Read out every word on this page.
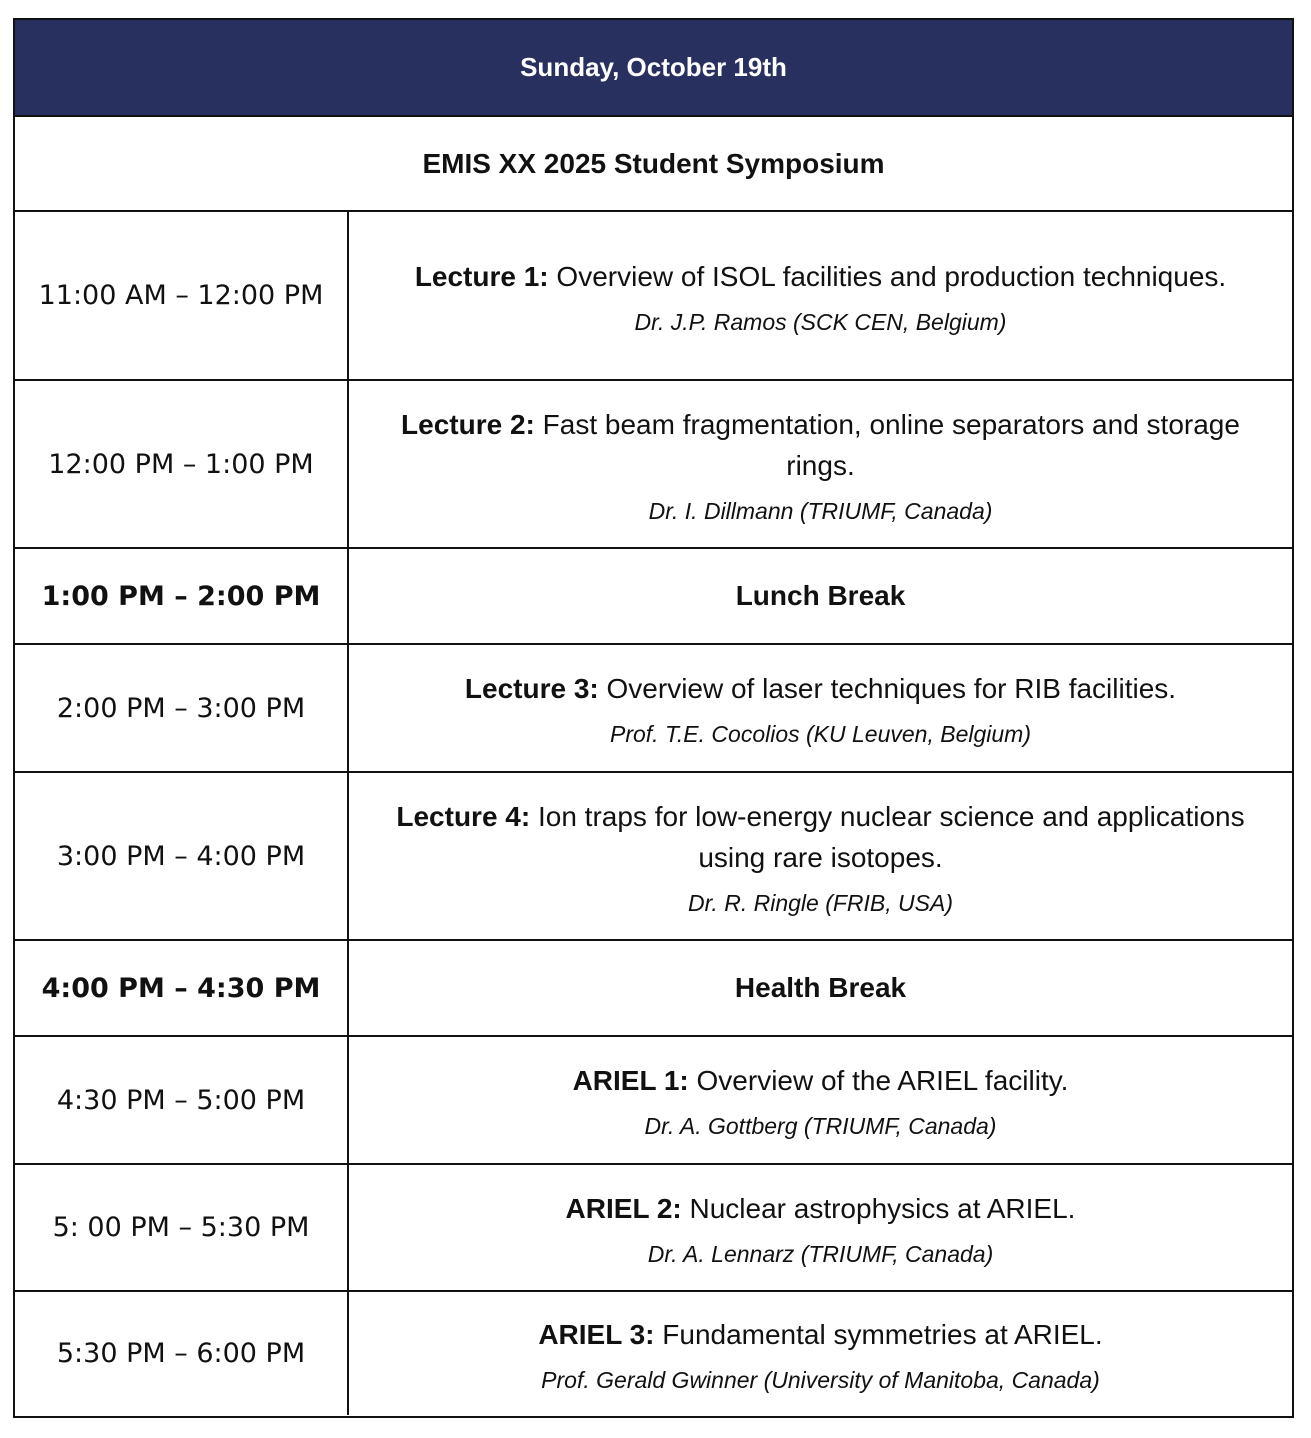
Sunday, October 19th
EMIS XX 2025 Student Symposium
11:00 AM – 12:00 PM
Lecture 1: Overview of ISOL facilities and production techniques.
Dr. J.P. Ramos (SCK CEN, Belgium)
12:00 PM – 1:00 PM
Lecture 2: Fast beam fragmentation, online separators and storage rings.
Dr. I. Dillmann (TRIUMF, Canada)
1:00 PM – 2:00 PM	Lunch Break
2:00 PM – 3:00 PM
Lecture 3: Overview of laser techniques for RIB facilities.
Prof. T.E. Cocolios (KU Leuven, Belgium)
3:00 PM – 4:00 PM
Lecture 4: Ion traps for low-energy nuclear science and applications using rare isotopes.
Dr. R. Ringle (FRIB, USA)
4:00 PM – 4:30 PM	Health Break
4:30 PM – 5:00 PM
ARIEL 1: Overview of the ARIEL facility.
Dr. A. Gottberg (TRIUMF, Canada)
5: 00 PM – 5:30 PM
ARIEL 2: Nuclear astrophysics at ARIEL.
Dr. A. Lennarz (TRIUMF, Canada)
5:30 PM – 6:00 PM
ARIEL 3: Fundamental symmetries at ARIEL.
Prof. Gerald Gwinner (University of Manitoba, Canada)
